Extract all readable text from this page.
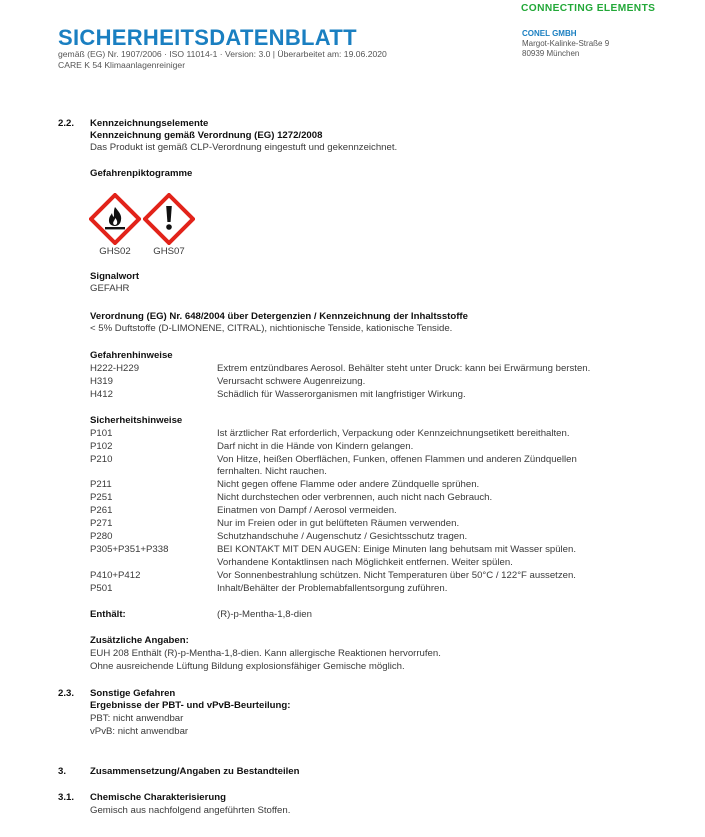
CONNECTING ELEMENTS
SICHERHEITSDATENBLATT
gemäß (EG) Nr. 1907/2006 · ISO 11014-1 · Version: 3.0 | Überarbeitet am: 19.06.2020
CARE K 54 Klimaanlagenreiniger
CONEL GMBH
Margot-Kalinke-Straße 9
80939 München
2.2. Kennzeichnungselemente
Kennzeichnung gemäß Verordnung (EG) 1272/2008
Das Produkt ist gemäß CLP-Verordnung eingestuft und gekennzeichnet.
Gefahrenpiktogramme
GHS02	GHS07
Signalwort
GEFAHR
Verordnung (EG) Nr. 648/2004 über Detergenzien / Kennzeichnung der Inhaltsstoffe
< 5% Duftstoffe (D-LIMONENE, CITRAL), nichtionische Tenside, kationische Tenside.
Gefahrenhinweise
H222-H229	Extrem entzündbares Aerosol. Behälter steht unter Druck: kann bei Erwärmung bersten.
H319	Verursacht schwere Augenreizung.
H412	Schädlich für Wasserorganismen mit langfristiger Wirkung.
Sicherheitshinweise
P101	Ist ärztlicher Rat erforderlich, Verpackung oder Kennzeichnungsetikett bereithalten.
P102	Darf nicht in die Hände von Kindern gelangen.
P210	Von Hitze, heißen Oberflächen, Funken, offenen Flammen und anderen Zündquellen
fernhalten. Nicht rauchen.
P211	Nicht gegen offene Flamme oder andere Zündquelle sprühen.
P251	Nicht durchstechen oder verbrennen, auch nicht nach Gebrauch.
P261	Einatmen von Dampf / Aerosol vermeiden.
P271	Nur im Freien oder in gut belüfteten Räumen verwenden.
P280	Schutzhandschuhe / Augenschutz / Gesichtsschutz tragen.
P305+P351+P338	BEI KONTAKT MIT DEN AUGEN: Einige Minuten lang behutsam mit Wasser spülen.
Vorhandene Kontaktlinsen nach Möglichkeit entfernen. Weiter spülen.
P410+P412	Vor Sonnenbestrahlung schützen. Nicht Temperaturen über 50°C / 122°F aussetzen.
P501	Inhalt/Behälter der Problemabfallentsorgung zuführen.
Enthält:	(R)-p-Mentha-1,8-dien
Zusätzliche Angaben:
EUH 208 Enthält (R)-p-Mentha-1,8-dien. Kann allergische Reaktionen hervorrufen.
Ohne ausreichende Lüftung Bildung explosionsfähiger Gemische möglich.
2.3. Sonstige Gefahren
Ergebnisse der PBT- und vPvB-Beurteilung:
PBT: nicht anwendbar
vPvB: nicht anwendbar
3. Zusammensetzung/Angaben zu Bestandteilen
3.1. Chemische Charakterisierung
Gemisch aus nachfolgend angeführten Stoffen.
